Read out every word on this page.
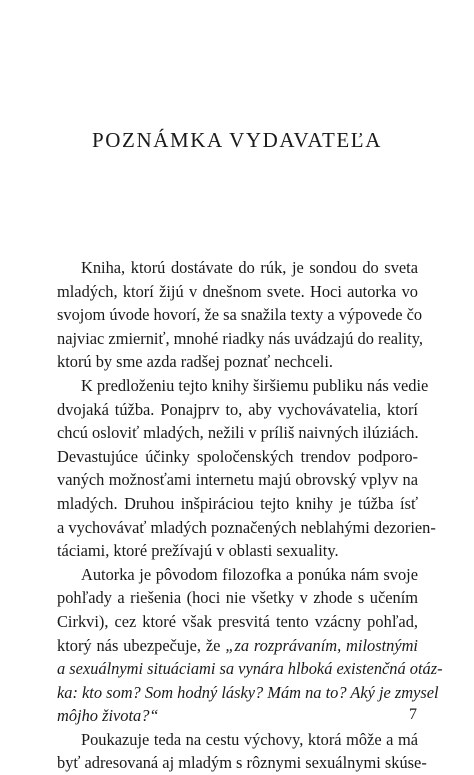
POZNÁMKA VYDAVATEĽA
Kniha, ktorú dostávate do rúk, je sondou do sveta
mladých, ktorí žijú v dnešnom svete. Hoci autorka vo
svojom úvode hovorí, že sa snažila texty a výpovede čo
najviac zmierniť, mnohé riadky nás uvádzajú do reality,
ktorú by sme azda radšej poznať nechceli.
K predloženiu tejto knihy širšiemu publiku nás vedie
dvojaká túžba. Ponajprv to, aby vychovávatelia, ktorí
chcú osloviť mladých, nežili v príliš naivných ilúziách.
Devastujúce účinky spoločenských trendov podporo-
vaných možnosťami internetu majú obrovský vplyv na
mladých. Druhou inšpiráciou tejto knihy je túžba ísť
a vychovávať mladých poznačených neblahými dezorien-
táciami, ktoré prežívajú v oblasti sexuality.
Autorka je pôvodom filozofka a ponúka nám svoje
pohľady a riešenia (hoci nie všetky v zhode s učením
Cirkvi), cez ktoré však presvitá tento vzácny pohľad,
ktorý nás ubezpečuje, že „za rozprávaním, milostnými
a sexuálnymi situáciami sa vynára hlboká existenčná otáz-
ka: kto som? Som hodný lásky? Mám na to? Aký je zmysel
môjho života?“
Poukazuje teda na cestu výchovy, ktorá môže a má
byť adresovaná aj mladým s rôznymi sexuálnymi skúse-
7
